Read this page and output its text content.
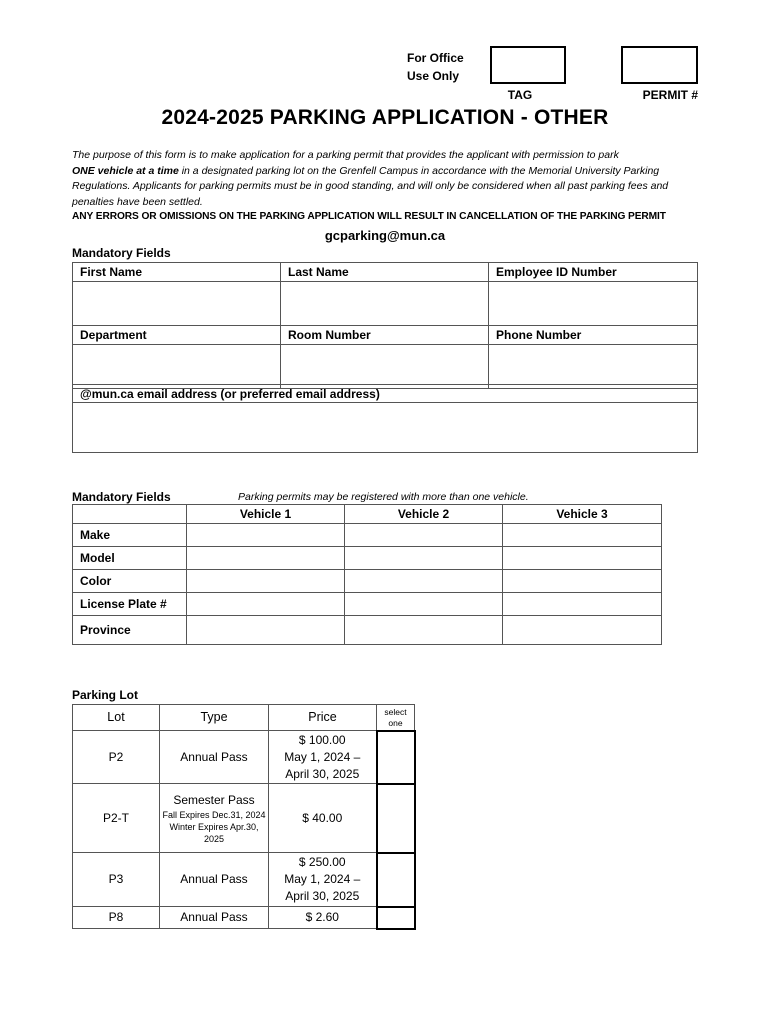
For Office
Use Only
TAG	PERMIT #
2024-2025 PARKING APPLICATION - OTHER
The purpose of this form is to make application for a parking permit that provides the applicant with permission to park
ONE vehicle at a time in a designated parking lot on the Grenfell Campus in accordance with the Memorial University Parking Regulations. Applicants for parking permits must be in good standing, and will only be considered when all past parking fees and penalties have been settled.
ANY ERRORS OR OMISSIONS ON THE PARKING APPLICATION WILL RESULT IN CANCELLATION OF THE PARKING PERMIT
gcparking@mun.ca
Mandatory Fields
First Name	Last Name	Employee ID Number

Department	Room Number	Phone Number

@mun.ca email address (or preferred email address)

Mandatory Fields	Parking permits may be registered with more than one vehicle.
	Vehicle 1	Vehicle 2	Vehicle 3
Make			
Model			
Color			
License Plate #			
Province			
Parking Lot
Lot	Type	Price	select
one

P2	Annual Pass	$ 100.00
May 1, 2024 –
April 30, 2025	

P2-T	Semester Pass
Fall Expires Dec.31, 2024
Winter Expires Apr.30, 2025	$ 40.00	
P3	Annual Pass	$ 250.00
May 1, 2024 –
April 30, 2025	

P8	Annual Pass	$ 2.60	
